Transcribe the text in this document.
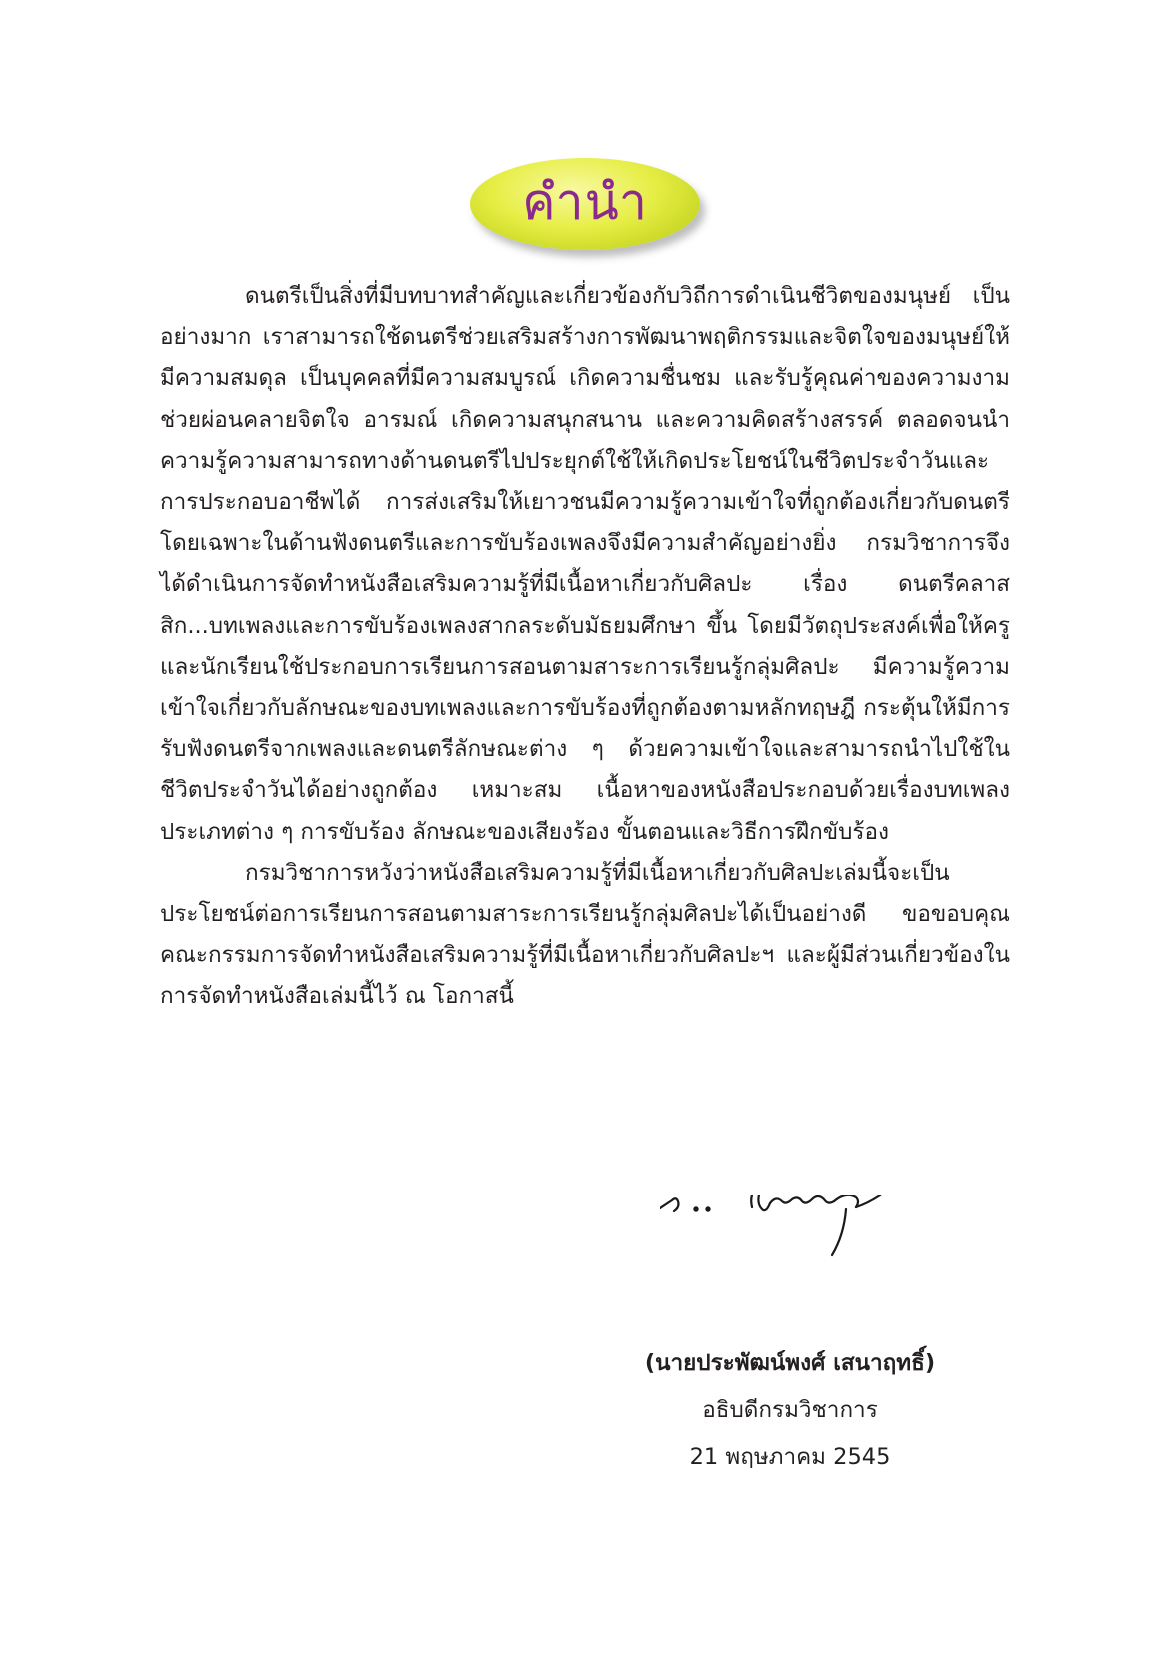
คำนำ

ดนตรีเป็นสิ่งที่มีบทบาทสำคัญและเกี่ยวข้องกับวิถีการดำเนินชีวิตของมนุษย์ เป็นอย่างมาก เราสามารถใช้ดนตรีช่วยเสริมสร้างการพัฒนาพฤติกรรมและจิตใจของมนุษย์ให้มีความสมดุล เป็นบุคคลที่มีความสมบูรณ์ เกิดความชื่นชม และรับรู้คุณค่าของความงาม ช่วยผ่อนคลายจิตใจ อารมณ์ เกิดความสนุกสนาน และความคิดสร้างสรรค์ ตลอดจนนำความรู้ความสามารถทางด้านดนตรีไปประยุกต์ใช้ให้เกิดประโยชน์ในชีวิตประจำวันและการประกอบอาชีพได้ การส่งเสริมให้เยาวชนมีความรู้ความเข้าใจที่ถูกต้องเกี่ยวกับดนตรี โดยเฉพาะในด้านฟังดนตรีและการขับร้องเพลงจึงมีความสำคัญอย่างยิ่ง กรมวิชาการจึงได้ดำเนินการจัดทำหนังสือเสริมความรู้ที่มีเนื้อหาเกี่ยวกับศิลปะ เรื่อง ดนตรีคลาสสิก...บทเพลงและการขับร้องเพลงสากลระดับมัธยมศึกษา ขึ้น โดยมีวัตถุประสงค์เพื่อให้ครูและนักเรียนใช้ประกอบการเรียนการสอนตามสาระการเรียนรู้กลุ่มศิลปะ มีความรู้ความเข้าใจเกี่ยวกับลักษณะของบทเพลงและการขับร้องที่ถูกต้องตามหลักทฤษฎี กระตุ้นให้มีการรับฟังดนตรีจากเพลงและดนตรีลักษณะต่าง ๆ ด้วยความเข้าใจและสามารถนำไปใช้ในชีวิตประจำวันได้อย่างถูกต้อง เหมาะสม เนื้อหาของหนังสือประกอบด้วยเรื่องบทเพลงประเภทต่าง ๆ การขับร้อง ลักษณะของเสียงร้อง ขั้นตอนและวิธีการฝึกขับร้อง

กรมวิชาการหวังว่าหนังสือเสริมความรู้ที่มีเนื้อหาเกี่ยวกับศิลปะเล่มนี้จะเป็นประโยชน์ต่อการเรียนการสอนตามสาระการเรียนรู้กลุ่มศิลปะได้เป็นอย่างดี ขอขอบคุณคณะกรรมการจัดทำหนังสือเสริมความรู้ที่มีเนื้อหาเกี่ยวกับศิลปะฯ และผู้มีส่วนเกี่ยวข้องในการจัดทำหนังสือเล่มนี้ไว้ ณ โอกาสนี้

(นายประพัฒน์พงศ์ เสนาฤทธิ์)
อธิบดีกรมวิชาการ
21 พฤษภาคม 2545
